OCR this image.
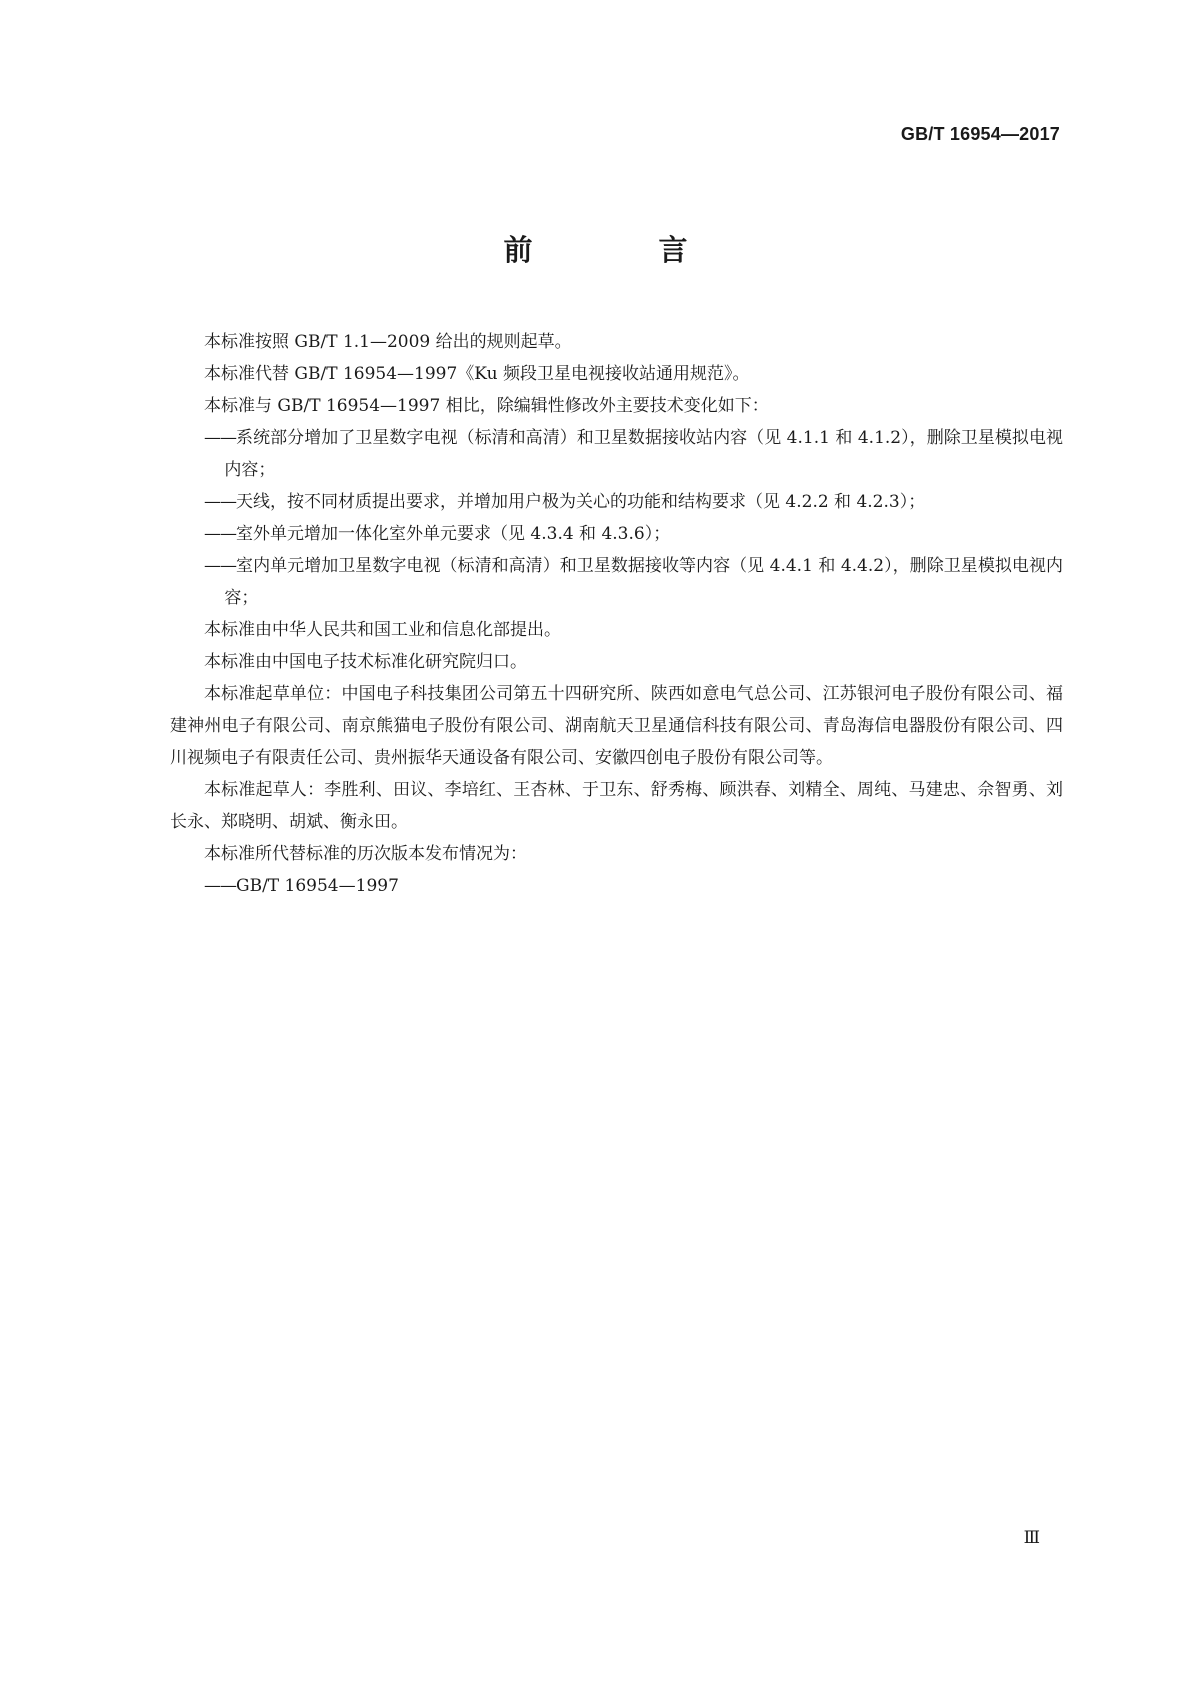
GB/T 16954—2017
前 言

本标准按照 GB/T 1.1—2009 给出的规则起草。

本标准代替 GB/T 16954—1997《Ku 频段卫星电视接收站通用规范》。

本标准与 GB/T 16954—1997 相比，除编辑性修改外主要技术变化如下：

——系统部分增加了卫星数字电视（标清和高清）和卫星数据接收站内容（见 4.1.1 和 4.1.2），删除卫星模拟电视内容；

——天线，按不同材质提出要求，并增加用户极为关心的功能和结构要求（见 4.2.2 和 4.2.3）；

——室外单元增加一体化室外单元要求（见 4.3.4 和 4.3.6）；

——室内单元增加卫星数字电视（标清和高清）和卫星数据接收等内容（见 4.4.1 和 4.4.2），删除卫星模拟电视内容；

本标准由中华人民共和国工业和信息化部提出。

本标准由中国电子技术标准化研究院归口。

本标准起草单位：中国电子科技集团公司第五十四研究所、陕西如意电气总公司、江苏银河电子股份有限公司、福建神州电子有限公司、南京熊猫电子股份有限公司、湖南航天卫星通信科技有限公司、青岛海信电器股份有限公司、四川视频电子有限责任公司、贵州振华天通设备有限公司、安徽四创电子股份有限公司等。

本标准起草人：李胜利、田议、李培红、王杏林、于卫东、舒秀梅、顾洪春、刘精全、周纯、马建忠、佘智勇、刘长永、郑晓明、胡斌、衡永田。

本标准所代替标准的历次版本发布情况为：

——GB/T 16954—1997

Ⅲ
